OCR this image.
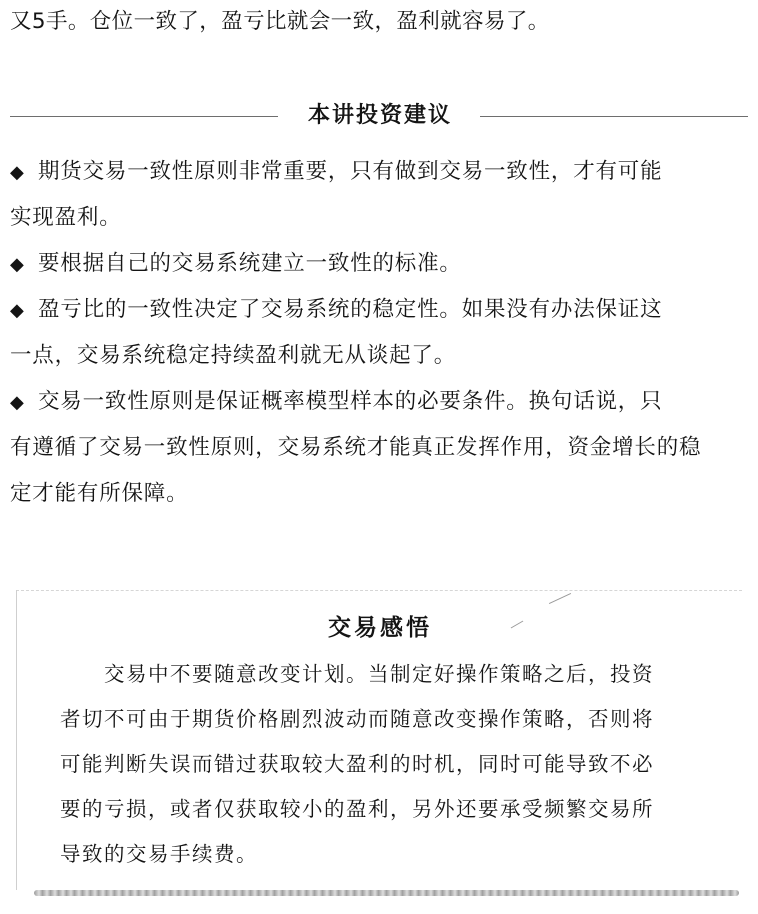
又5手。仓位一致了，盈亏比就会一致，盈利就容易了。
本讲投资建议
◆ 期货交易一致性原则非常重要，只有做到交易一致性，才有可能
实现盈利。
◆ 要根据自己的交易系统建立一致性的标准。
◆ 盈亏比的一致性决定了交易系统的稳定性。如果没有办法保证这
一点，交易系统稳定持续盈利就无从谈起了。
◆ 交易一致性原则是保证概率模型样本的必要条件。换句话说，只
有遵循了交易一致性原则，交易系统才能真正发挥作用，资金增长的稳
定才能有所保障。
交易感悟
交易中不要随意改变计划。当制定好操作策略之后，投资
者切不可由于期货价格剧烈波动而随意改变操作策略，否则将
可能判断失误而错过获取较大盈利的时机，同时可能导致不必
要的亏损，或者仅获取较小的盈利，另外还要承受频繁交易所
导致的交易手续费。
